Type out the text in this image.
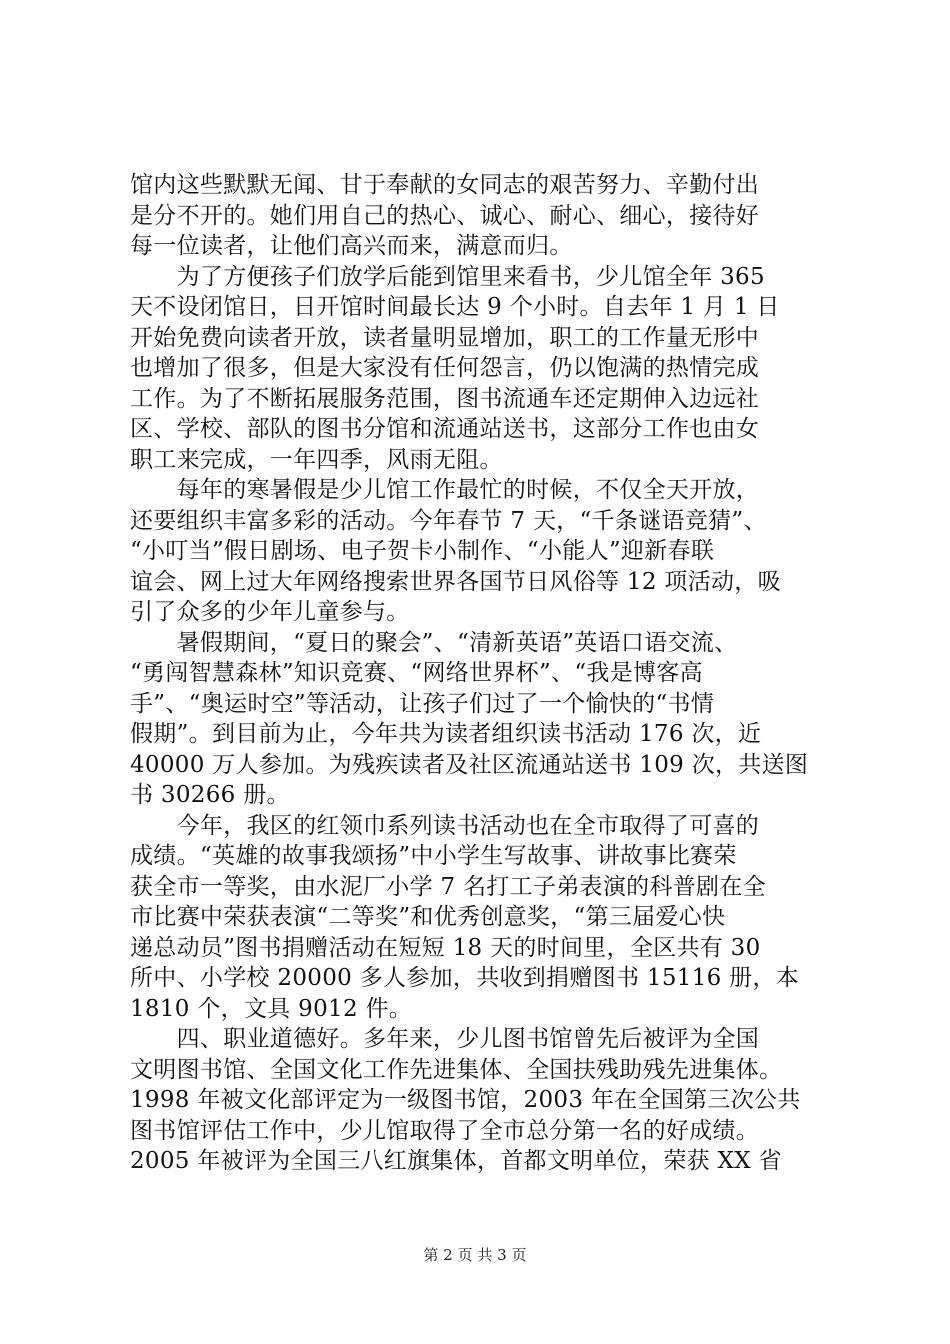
馆内这些默默无闻、甘于奉献的女同志的艰苦努力、辛勤付出
是分不开的。她们用自己的热心、诚心、耐心、细心，接待好
每一位读者，让他们高兴而来，满意而归。
　　为了方便孩子们放学后能到馆里来看书，少儿馆全年 365
天不设闭馆日，日开馆时间最长达 9 个小时。自去年 1 月 1 日
开始免费向读者开放，读者量明显增加，职工的工作量无形中
也增加了很多，但是大家没有任何怨言，仍以饱满的热情完成
工作。为了不断拓展服务范围，图书流通车还定期伸入边远社
区、学校、部队的图书分馆和流通站送书，这部分工作也由女
职工来完成，一年四季，风雨无阻。
　　每年的寒暑假是少儿馆工作最忙的时候，不仅全天开放，
还要组织丰富多彩的活动。今年春节 7 天，“千条谜语竞猜”、
“小叮当”假日剧场、电子贺卡小制作、“小能人”迎新春联
谊会、网上过大年网络搜索世界各国节日风俗等 12 项活动，吸
引了众多的少年儿童参与。
　　暑假期间，“夏日的聚会”、“清新英语”英语口语交流、
“勇闯智慧森林”知识竞赛、“网络世界杯”、“我是博客高
手”、“奥运时空”等活动，让孩子们过了一个愉快的“书情
假期”。到目前为止，今年共为读者组织读书活动 176 次，近
40000 万人参加。为残疾读者及社区流通站送书 109 次，共送图
书 30266 册。
　　今年，我区的红领巾系列读书活动也在全市取得了可喜的
成绩。“英雄的故事我颂扬”中小学生写故事、讲故事比赛荣
获全市一等奖，由水泥厂小学 7 名打工子弟表演的科普剧在全
市比赛中荣获表演“二等奖”和优秀创意奖，“第三届爱心快
递总动员”图书捐赠活动在短短 18 天的时间里，全区共有 30
所中、小学校 20000 多人参加，共收到捐赠图书 15116 册，本
1810 个，文具 9012 件。
　　四、职业道德好。多年来，少儿图书馆曾先后被评为全国
文明图书馆、全国文化工作先进集体、全国扶残助残先进集体。
1998 年被文化部评定为一级图书馆，2003 年在全国第三次公共
图书馆评估工作中，少儿馆取得了全市总分第一名的好成绩。
2005 年被评为全国三八红旗集体，首都文明单位，荣获 XX 省
第 2 页 共 3 页
